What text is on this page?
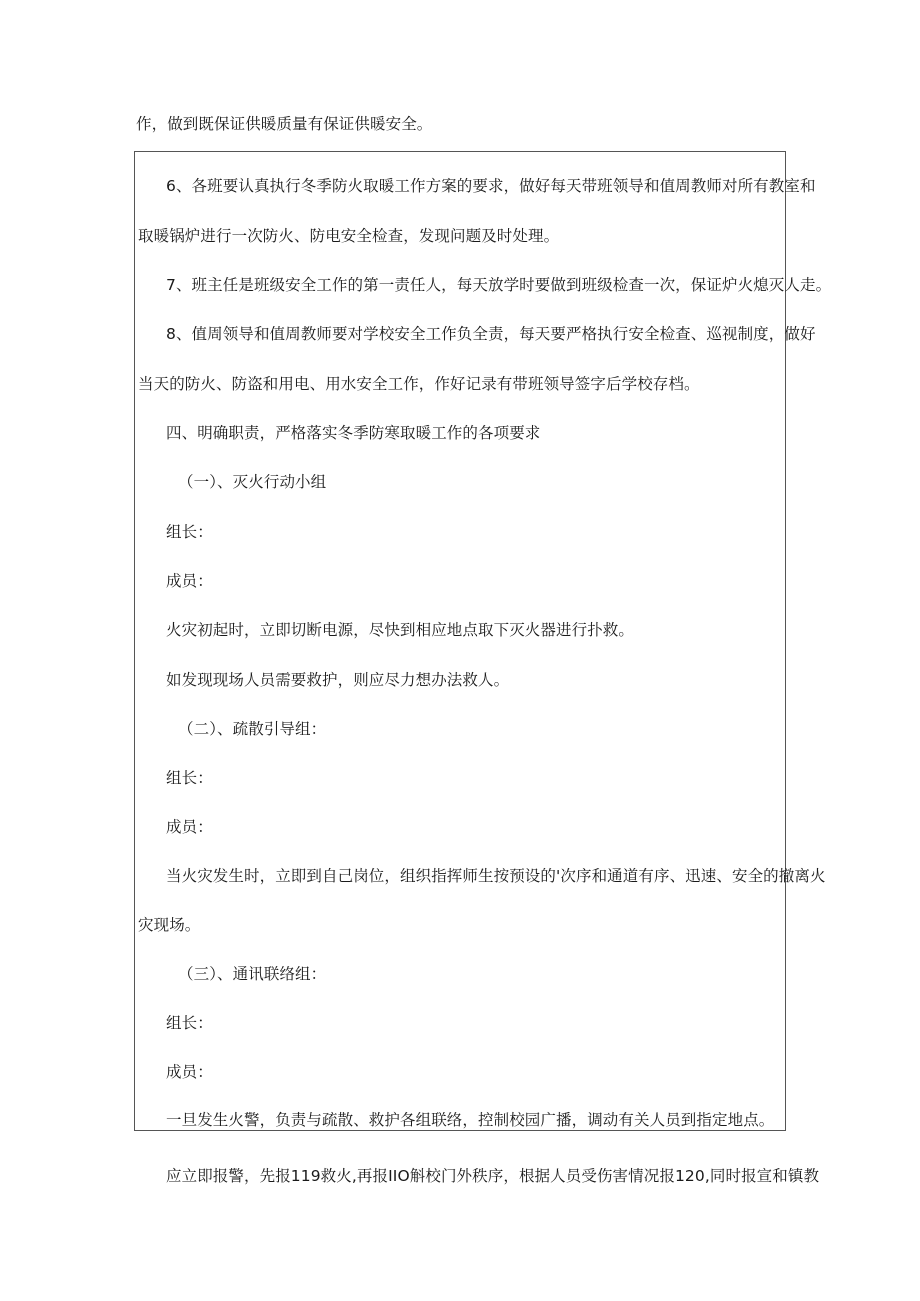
作，做到既保证供暖质量有保证供暖安全。
6、各班要认真执行冬季防火取暖工作方案的要求，做好每天带班领导和值周教师对所有教室和
取暖锅炉进行一次防火、防电安全检查，发现问题及时处理。
7、班主任是班级安全工作的第一责任人，每天放学时要做到班级检查一次，保证炉火熄灭人走。
8、值周领导和值周教师要对学校安全工作负全责，每天要严格执行安全检查、巡视制度，做好
当天的防火、防盗和用电、用水安全工作，作好记录有带班领导签字后学校存档。
四、明确职责，严格落实冬季防寒取暖工作的各项要求
（一）、灭火行动小组
组长：
成员：
火灾初起时，立即切断电源，尽快到相应地点取下灭火器进行扑救。
如发现现场人员需要救护，则应尽力想办法救人。
（二）、疏散引导组：
组长：
成员：
当火灾发生时，立即到自己岗位，组织指挥师生按预设的'次序和通道有序、迅速、安全的撤离火
灾现场。
（三）、通讯联络组：
组长：
成员：
一旦发生火警，负责与疏散、救护各组联络，控制校园广播，调动有关人员到指定地点。
应立即报警，先报119救火,再报IIO斛校门外秩序，根据人员受伤害情况报120,同时报宣和镇教
